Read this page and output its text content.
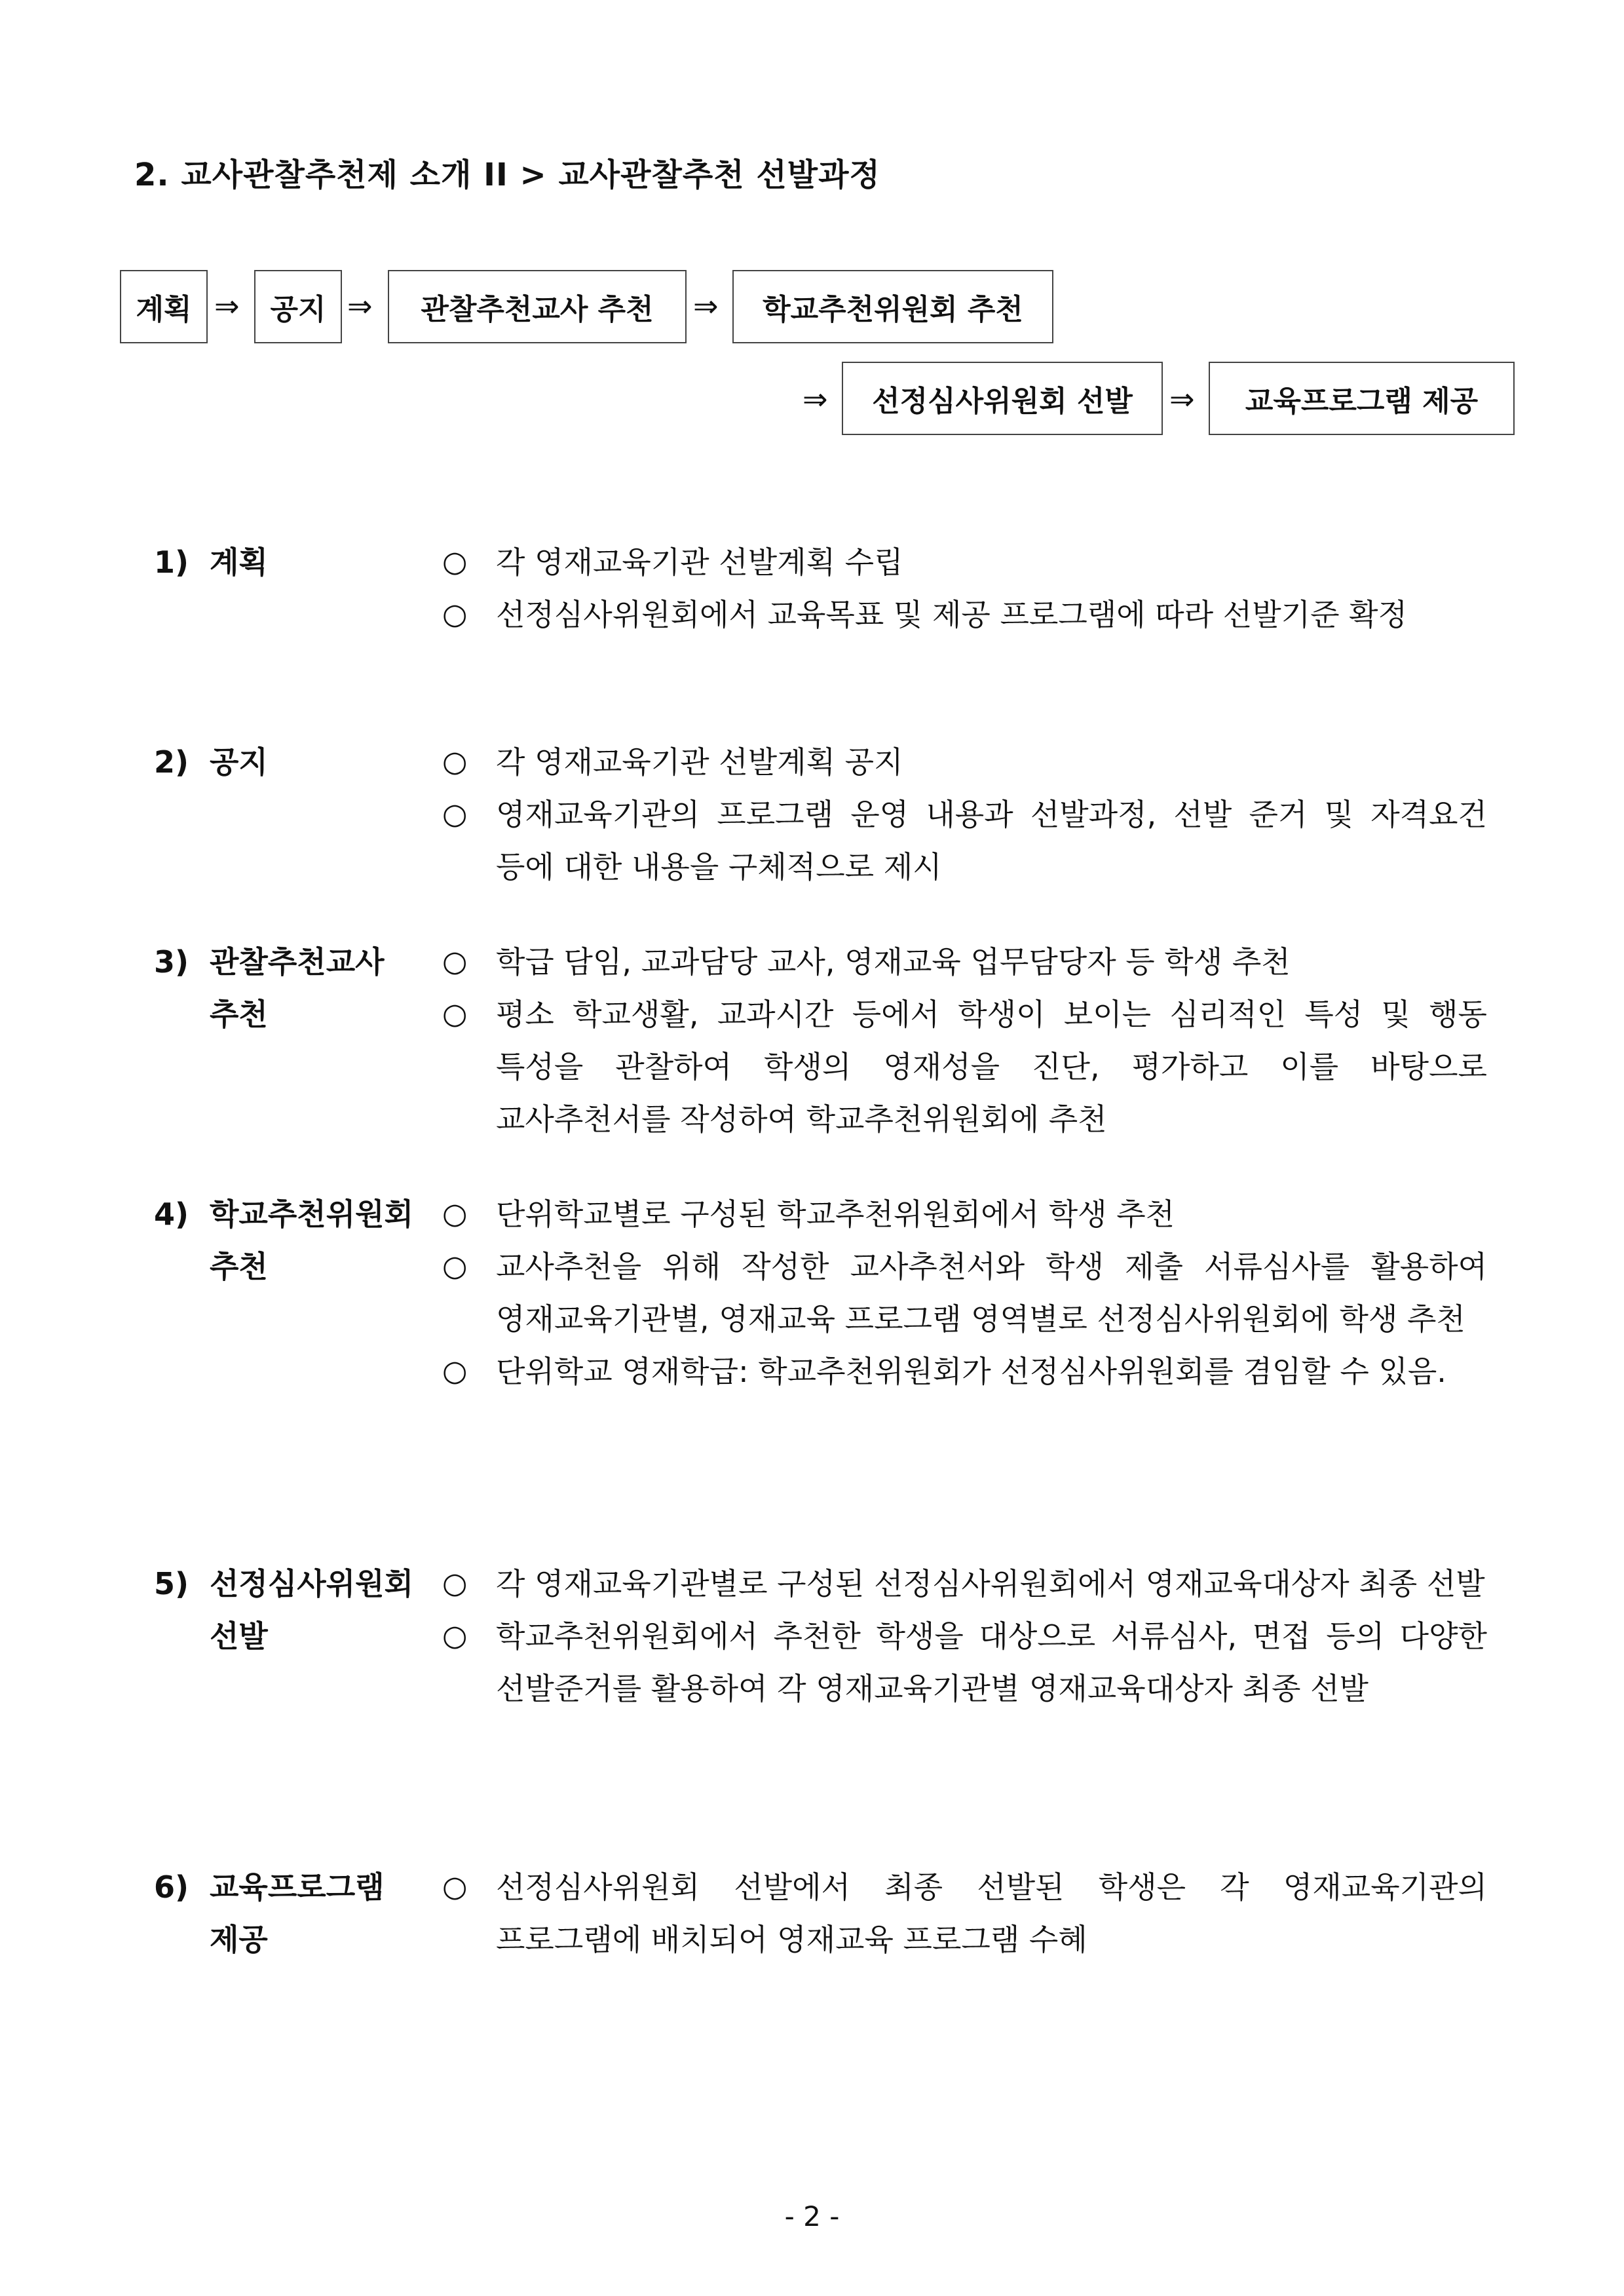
2. 교사관찰추천제 소개 II > 교사관찰추천 선발과정
계획 ⇒	공지 ⇒	관찰추천교사 추천	⇒	학교추천위원회 추천
⇒	선정심사위원회 선발	⇒	교육프로그램 제공
1) 계획	○ 각 영재교육기관 선발계획 수립
○ 선정심사위원회에서 교육목표 및 제공 프로그램에 따라 선발기준 확정
2) 공지	○ 각 영재교육기관 선발계획 공지
○ 영재교육기관의 프로그램 운영 내용과 선발과정, 선발 준거 및 자격요건 등에 대한 내용을 구체적으로 제시
3) 관찰추천교사
추천
○ 학급 담임, 교과담당 교사, 영재교육 업무담당자 등 학생 추천
○ 평소 학교생활, 교과시간 등에서 학생이 보이는 심리적인 특성 및 행동 특성을 관찰하여 학생의 영재성을 진단, 평가하고 이를 바탕으로 교사추천서를 작성하여 학교추천위원회에 추천
4) 학교추천위원회
추천
○ 단위학교별로 구성된 학교추천위원회에서 학생 추천
○ 교사추천을 위해 작성한 교사추천서와 학생 제출 서류심사를 활용하여 영재교육기관별, 영재교육 프로그램 영역별로 선정심사위원회에 학생 추천
○ 단위학교 영재학급: 학교추천위원회가 선정심사위원회를 겸임할 수 있음.
5) 선정심사위원회
선발
○ 각 영재교육기관별로 구성된 선정심사위원회에서 영재교육대상자 최종 선발
○ 학교추천위원회에서 추천한 학생을 대상으로 서류심사, 면접 등의 다양한 선발준거를 활용하여 각 영재교육기관별 영재교육대상자 최종 선발
6) 교육프로그램
제공
○ 선정심사위원회 선발에서 최종 선발된 학생은 각 영재교육기관의 프로그램에 배치되어 영재교육 프로그램 수혜
- 2 -
